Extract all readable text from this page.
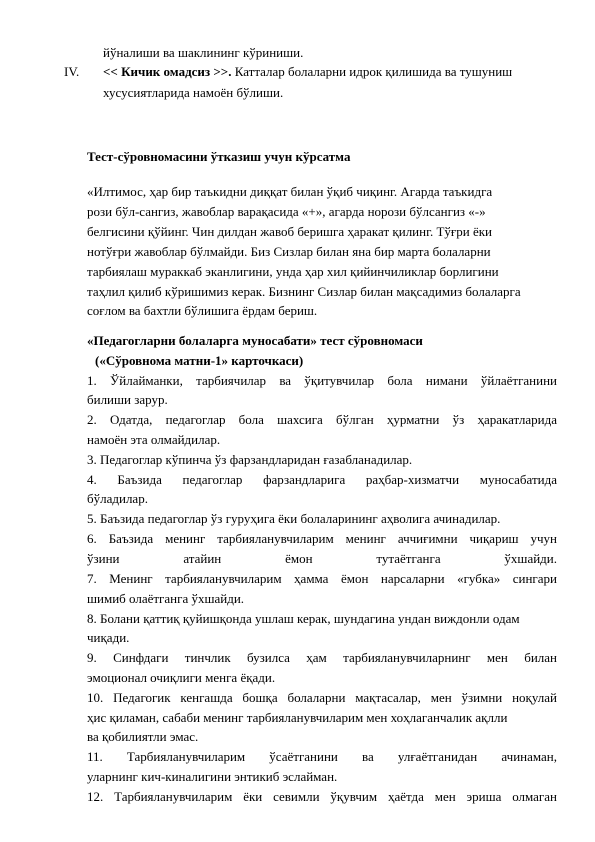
йўналиши ва шаклининг кўриниши.
IV. << Кичик омадсиз >>. Катталар болаларни идрок қилишида ва тушуниш
хусусиятларида намоён бўлиши.
Тест-сўровномасини ўтказиш учун кўрсатма
«Илтимос, ҳар бир таъкидни диққат билан ўқиб чиқинг. Агарда таъкидга
рози бўл-сангиз, жавоблар варақасида «+», агарда норози бўлсангиз «-»
белгисини қўйинг. Чин дилдан жавоб беришга ҳаракат қилинг. Тўғри ёки
нотўғри жавоблар бўлмайди. Биз Сизлар билан яна бир марта болаларни
тарбиялаш мураккаб эканлигини, унда ҳар хил қийинчиликлар борлигини
таҳлил қилиб кўришимиз керак. Бизнинг Сизлар билан мақсадимиз болаларга
соғлом ва бахтли бўлишига ёрдам бериш.
«Педагогларни болаларга муносабати» тест сўровномаси
(«Сўровнома матни-1» карточкаси)
1. Ўйлайманки, тарбиячилар ва ўқитувчилар бола нимани ўйлаётганини
билиши зарур.
2. Одатда, педагоглар бола шахсига бўлган ҳурматни ўз ҳаракатларида
намоён эта олмайдилар.
3. Педагоглар кўпинча ўз фарзандларидан ғазабланадилар.
4. Баъзида педагоглар фарзандларига раҳбар-хизматчи муносабатида
бўладилар.
5. Баъзида педагоглар ўз гуруҳига ёки болаларининг аҳволига ачинадилар.
6. Баъзида менинг тарбияланувчиларим менинг аччиғимни чиқариш учун
ўзини атайин ёмон тутаётганга ўхшайди.
7. Менинг тарбияланувчиларим ҳамма ёмон нарсаларни «губка» сингари
шимиб олаётганга ўхшайди.
8. Болани қаттиқ қуйишқонда ушлаш керак, шундагина ундан виждонли одам
чиқади.
9. Синфдаги тинчлик бузилса ҳам тарбияланувчиларнинг мен билан
эмоционал очиқлиги менга ёқади.
10. Педагогик кенгашда бошқа болаларни мақтасалар, мен ўзимни ноқулай
ҳис қиламан, сабаби менинг тарбияланувчиларим мен хоҳлаганчалик ақлли
ва қобилиятли эмас.
11. Тарбияланувчиларим ўсаётганини ва улғаётганидан ачинаман,
уларнинг кич-киналигини энтикиб эслайман.
12. Тарбияланувчиларим ёки севимли ўқувчим ҳаётда мен эриша олмаган
